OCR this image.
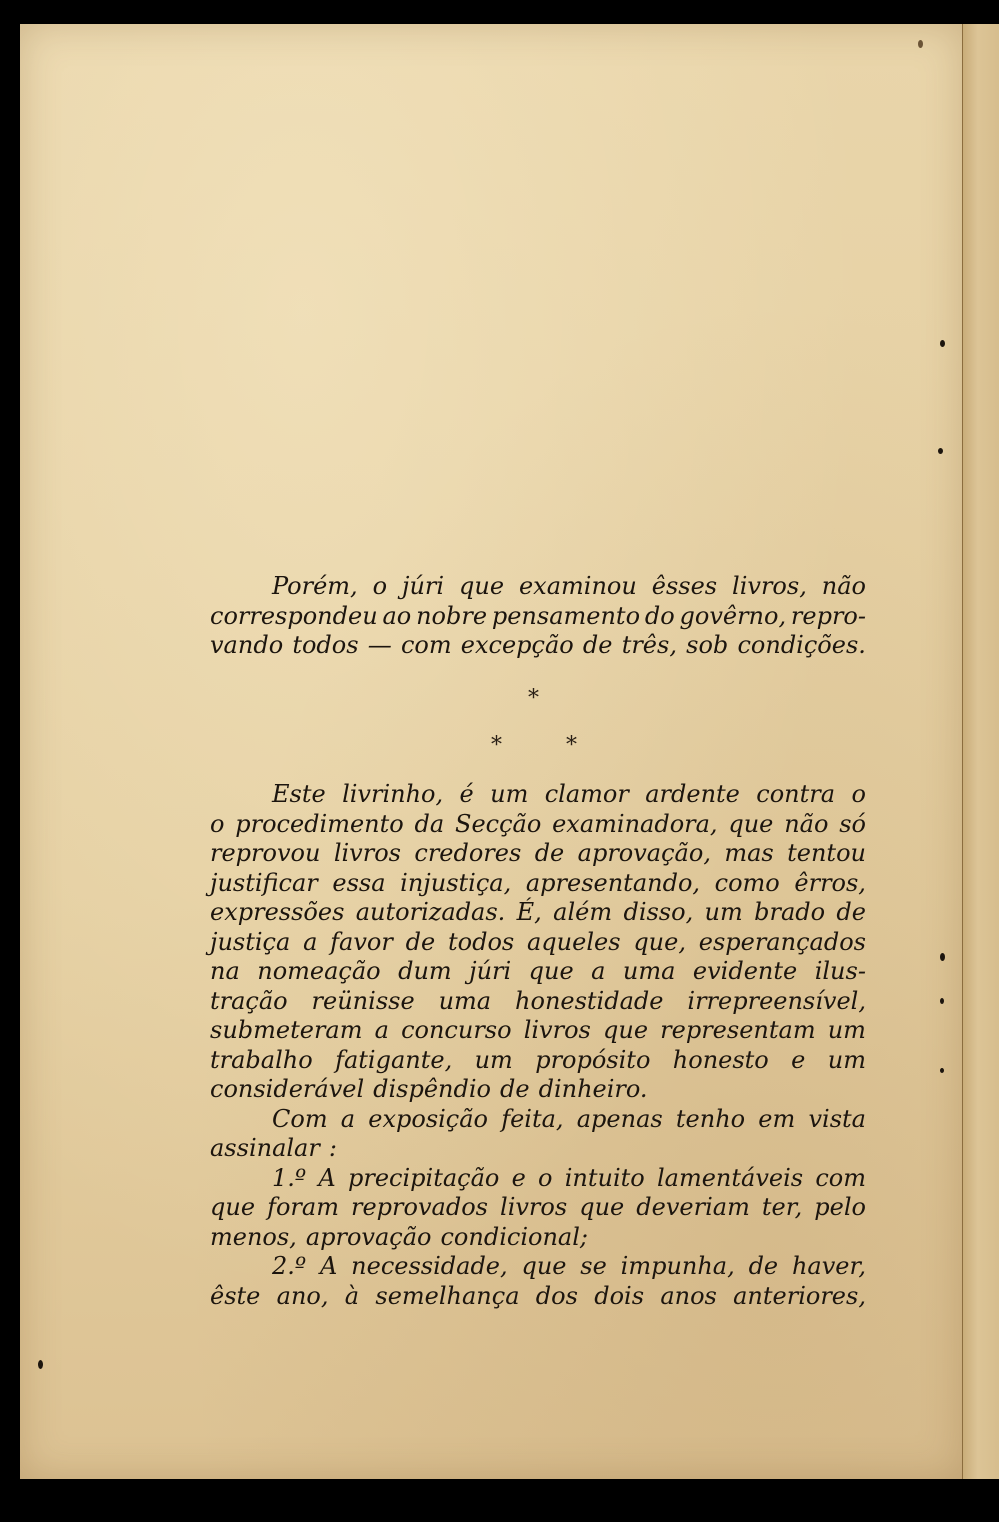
Porém, o júri que examinou êsses livros, não
correspondeu ao nobre pensamento do govêrno, repro-
vando todos — com excepção de três, sob condições.
*
*	*
Este livrinho, é um clamor ardente contra o
o procedimento da Secção examinadora, que não só
reprovou livros credores de aprovação, mas tentou
justificar essa injustiça, apresentando, como êrros,
expressões autorizadas. É, além disso, um brado de
justiça a favor de todos aqueles que, esperançados
na nomeação dum júri que a uma evidente ilus-
tração reünisse uma honestidade irrepreensível,
submeteram a concurso livros que representam um
trabalho fatigante, um propósito honesto e um
considerável dispêndio de dinheiro.
Com a exposição feita, apenas tenho em vista
assinalar :
1.º A precipitação e o intuito lamentáveis com
que foram reprovados livros que deveriam ter, pelo
menos, aprovação condicional;
2.º A necessidade, que se impunha, de haver,
êste ano, à semelhança dos dois anos anteriores,
